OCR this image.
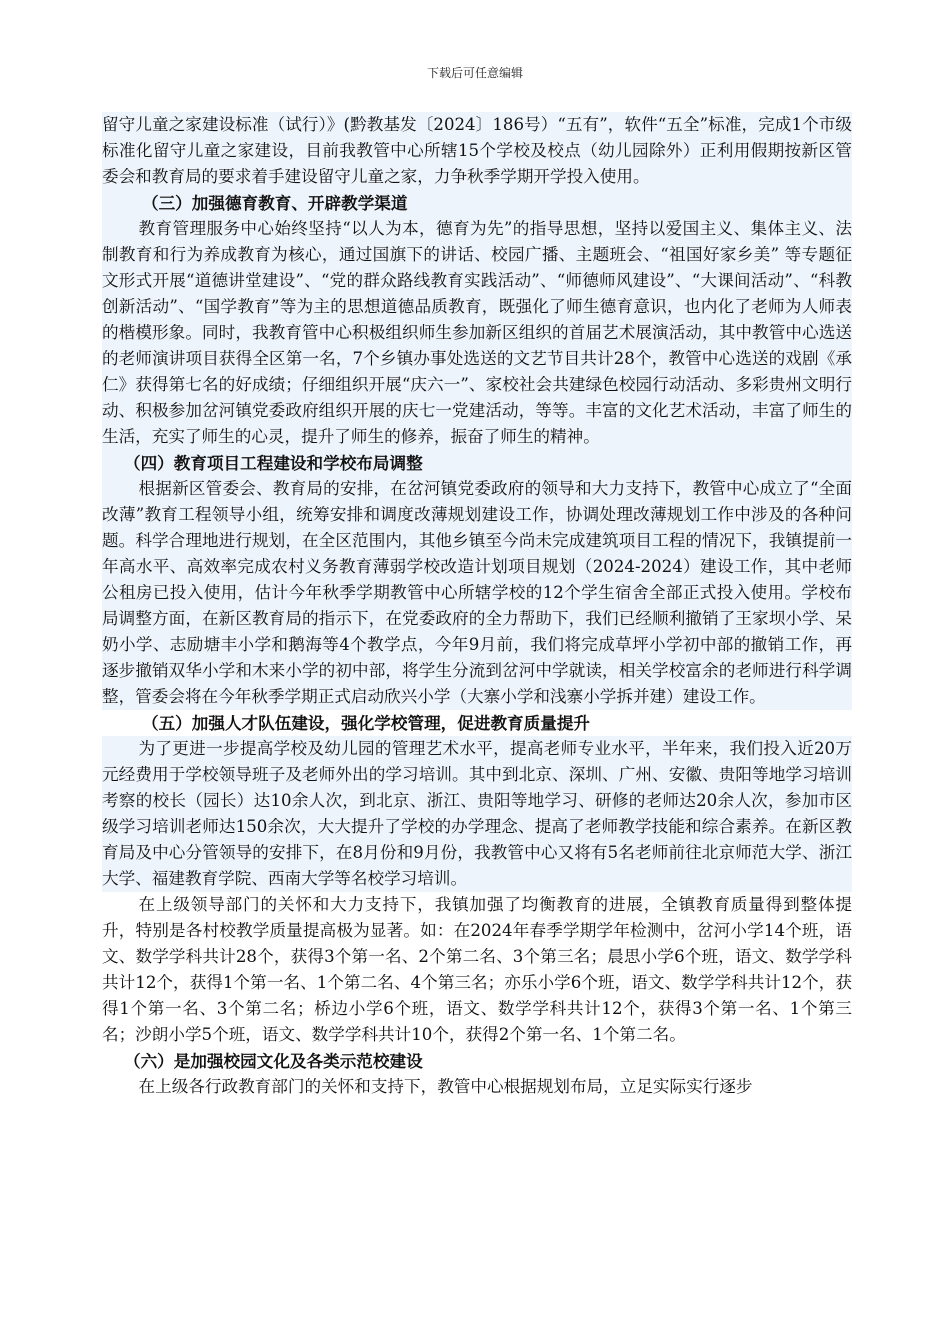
下载后可任意编辑

留守儿童之家建设标准（试行）》(黔教基发〔2024〕186号）“五有”，软件“五全”标准，完成1个市级标准化留守儿童之家建设，目前我教管中心所辖15个学校及校点（幼儿园除外）正利用假期按新区管委会和教育局的要求着手建设留守儿童之家，力争秋季学期开学投入使用。

（三）加强德育教育、开辟教学渠道

教育管理服务中心始终坚持“以人为本，德育为先”的指导思想，坚持以爱国主义、集体主义、法制教育和行为养成教育为核心，通过国旗下的讲话、校园广播、主题班会、“祖国好家乡美” 等专题征文形式开展“道德讲堂建设”、“党的群众路线教育实践活动”、“师德师风建设”、“大课间活动”、“科教创新活动”、“国学教育”等为主的思想道德品质教育，既强化了师生德育意识，也内化了老师为人师表的楷模形象。同时，我教育管中心积极组织师生参加新区组织的首届艺术展演活动，其中教管中心选送的老师演讲项目获得全区第一名，7个乡镇办事处选送的文艺节目共计28个，教管中心选送的戏剧《承仁》获得第七名的好成绩；仔细组织开展“庆六一”、家校社会共建绿色校园行动活动、多彩贵州文明行动、积极参加岔河镇党委政府组织开展的庆七一党建活动，等等。丰富的文化艺术活动，丰富了师生的生活，充实了师生的心灵，提升了师生的修养，振奋了师生的精神。

（四）教育项目工程建设和学校布局调整

根据新区管委会、教育局的安排，在岔河镇党委政府的领导和大力支持下，教管中心成立了“全面改薄”教育工程领导小组，统筹安排和调度改薄规划建设工作，协调处理改薄规划工作中涉及的各种问题。科学合理地进行规划，在全区范围内，其他乡镇至今尚未完成建筑项目工程的情况下，我镇提前一年高水平、高效率完成农村义务教育薄弱学校改造计划项目规划（2024-2024）建设工作，其中老师公租房已投入使用，估计今年秋季学期教管中心所辖学校的12个学生宿舍全部正式投入使用。学校布局调整方面，在新区教育局的指示下，在党委政府的全力帮助下，我们已经顺利撤销了王家坝小学、呆奶小学、志励塘丰小学和鹅海等4个教学点，今年9月前，我们将完成草坪小学初中部的撤销工作，再逐步撤销双华小学和木来小学的初中部，将学生分流到岔河中学就读，相关学校富余的老师进行科学调整，管委会将在今年秋季学期正式启动欣兴小学（大寨小学和浅寨小学拆并建）建设工作。

（五）加强人才队伍建设，强化学校管理，促进教育质量提升

为了更进一步提高学校及幼儿园的管理艺术水平，提高老师专业水平，半年来，我们投入近20万元经费用于学校领导班子及老师外出的学习培训。其中到北京、深圳、广州、安徽、贵阳等地学习培训考察的校长（园长）达10余人次，到北京、浙江、贵阳等地学习、研修的老师达20余人次，参加市区级学习培训老师达150余次，大大提升了学校的办学理念、提高了老师教学技能和综合素养。在新区教育局及中心分管领导的安排下，在8月份和9月份，我教管中心又将有5名老师前往北京师范大学、浙江大学、福建教育学院、西南大学等名校学习培训。

在上级领导部门的关怀和大力支持下，我镇加强了均衡教育的进展，全镇教育质量得到整体提升，特别是各村校教学质量提高极为显著。如：在2024年春季学期学年检测中，岔河小学14个班，语文、数学学科共计28个，获得3个第一名、2个第二名、3个第三名；晨思小学6个班，语文、数学学科共计12个，获得1个第一名、1个第二名、4个第三名；亦乐小学6个班，语文、数学学科共计12个，获得1个第一名、3个第二名；桥边小学6个班，语文、数学学科共计12个，获得3个第一名、1个第三名；沙朗小学5个班，语文、数学学科共计10个，获得2个第一名、1个第二名。

（六）是加强校园文化及各类示范校建设

在上级各行政教育部门的关怀和支持下，教管中心根据规划布局，立足实际实行逐步
